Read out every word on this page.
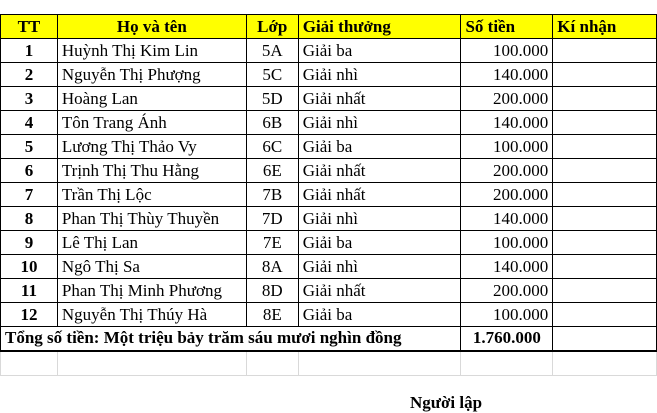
TT	Họ và tên	Lớp	Giải thưởng	Số tiền	Kí nhận
1	Huỳnh Thị Kim Lin	5A	Giải ba	100.000	
2	Nguyễn Thị Phượng	5C	Giải nhì	140.000	
3	Hoàng Lan	5D	Giải nhất	200.000	
4	Tôn Trang Ánh	6B	Giải nhì	140.000	
5	Lương Thị Thảo Vy	6C	Giải ba	100.000	
6	Trịnh Thị Thu Hằng	6E	Giải nhất	200.000	
7	Trần Thị Lộc	7B	Giải nhất	200.000	
8	Phan Thị Thùy Thuyền	7D	Giải nhì	140.000	
9	Lê Thị Lan	7E	Giải ba	100.000	
10	Ngô Thị Sa	8A	Giải nhì	140.000	
11	Phan Thị Minh Phương	8D	Giải nhất	200.000	
12	Nguyễn Thị Thúy Hà	8E	Giải ba	100.000	
Tổng số tiền: Một triệu bảy trăm sáu mươi nghìn đồng				1.760.000	

Người lập
